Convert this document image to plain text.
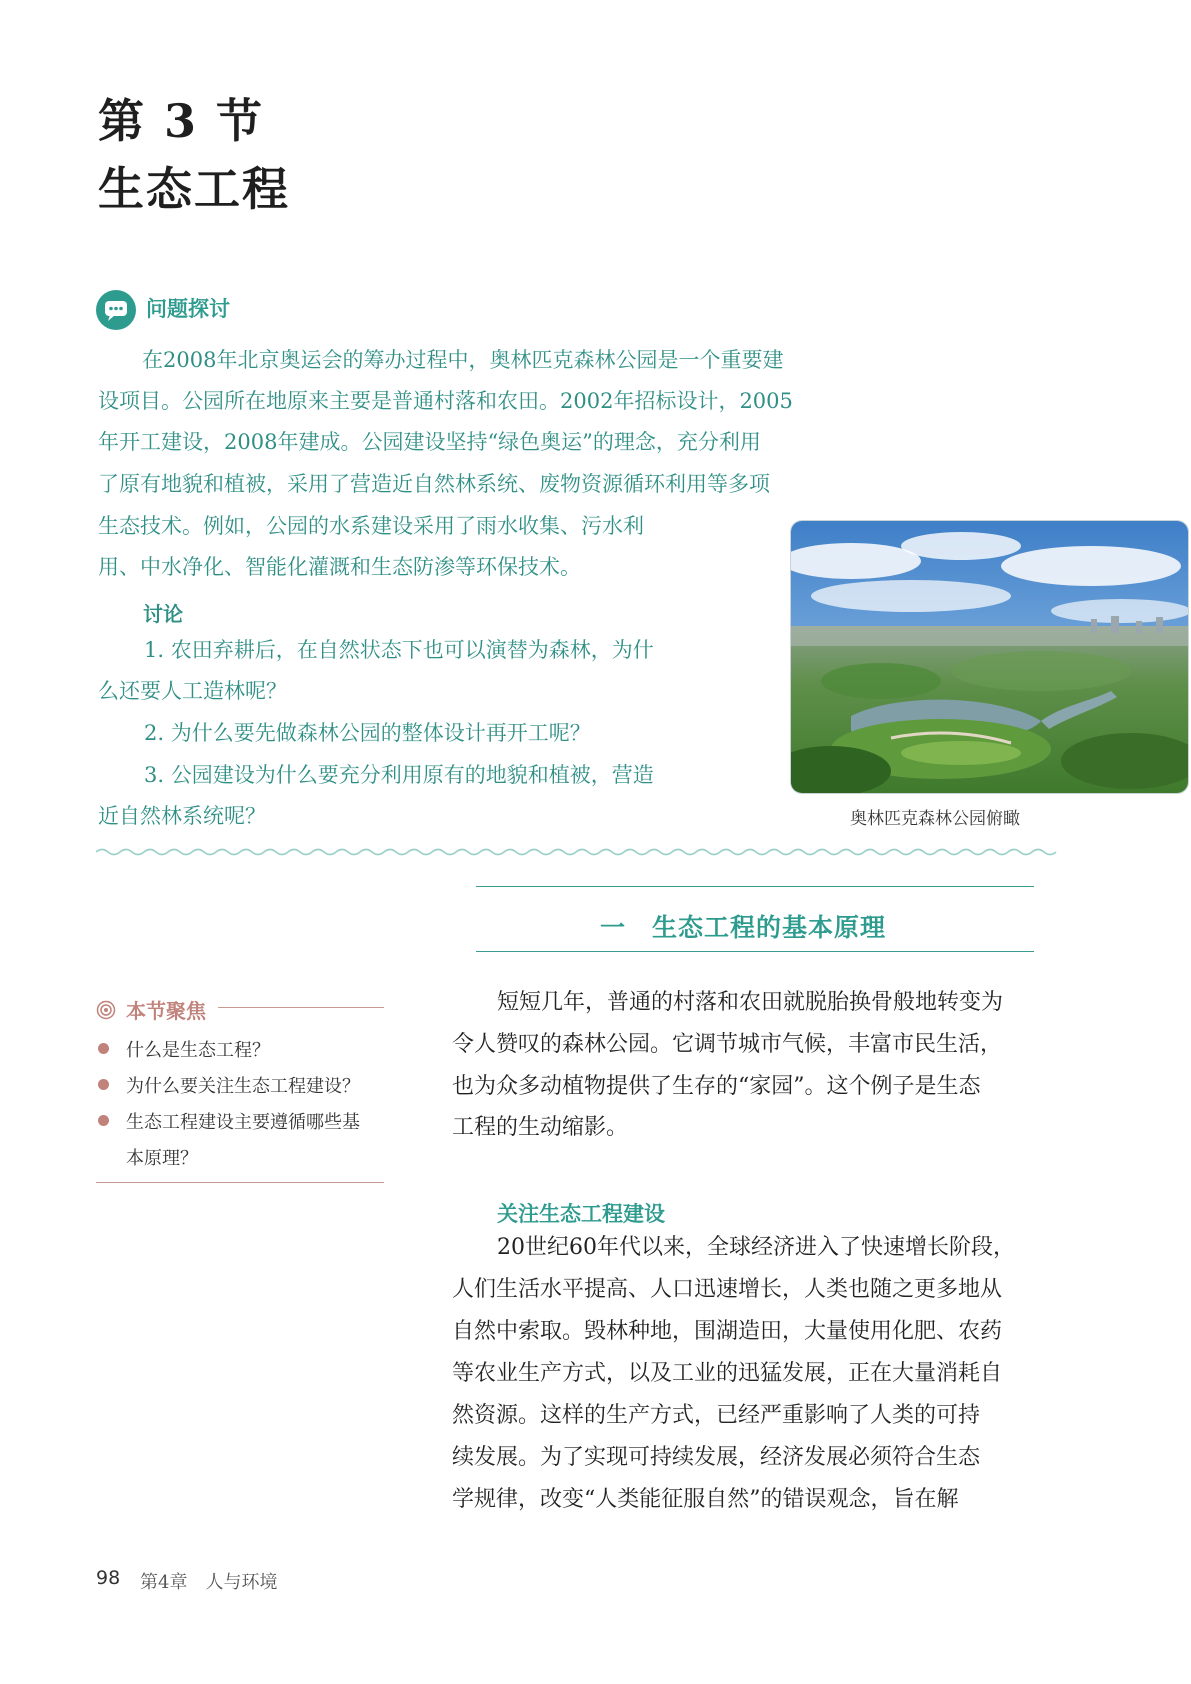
第 3 节
生态工程
问题探讨
在2008年北京奥运会的筹办过程中，奥林匹克森林公园是一个重要建
设项目。公园所在地原来主要是普通村落和农田。2002年招标设计，2005
年开工建设，2008年建成。公园建设坚持“绿色奥运”的理念，充分利用
了原有地貌和植被，采用了营造近自然林系统、废物资源循环利用等多项
生态技术。例如，公园的水系建设采用了雨水收集、污水利
用、中水净化、智能化灌溉和生态防渗等环保技术。
讨论
1. 农田弃耕后，在自然状态下也可以演替为森林，为什
么还要人工造林呢？
2. 为什么要先做森林公园的整体设计再开工呢？
3. 公园建设为什么要充分利用原有的地貌和植被，营造
近自然林系统呢？	奥林匹克森林公园俯瞰
一　生态工程的基本原理
本节聚焦
什么是生态工程？
为什么要关注生态工程建设？
生态工程建设主要遵循哪些基
本原理？
短短几年，普通的村落和农田就脱胎换骨般地转变为
令人赞叹的森林公园。它调节城市气候，丰富市民生活，
也为众多动植物提供了生存的“家园”。这个例子是生态
工程的生动缩影。
关注生态工程建设
20世纪60年代以来，全球经济进入了快速增长阶段，
人们生活水平提高、人口迅速增长，人类也随之更多地从
自然中索取。毁林种地，围湖造田，大量使用化肥、农药
等农业生产方式，以及工业的迅猛发展，正在大量消耗自
然资源。这样的生产方式，已经严重影响了人类的可持
续发展。为了实现可持续发展，经济发展必须符合生态
学规律，改变“人类能征服自然”的错误观念，旨在解
98 第4章　人与环境
